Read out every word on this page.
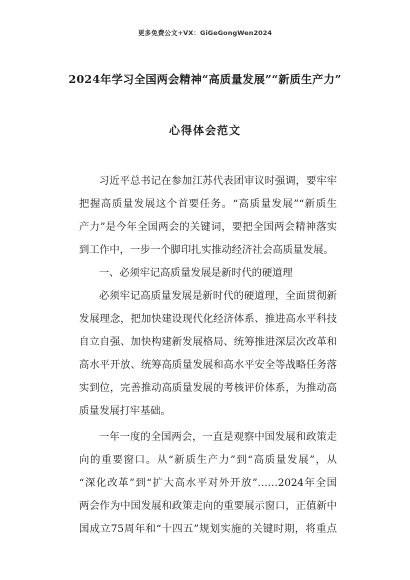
更多免费公文+VX：GiGeGongWen2024
2024年学习全国两会精神“高质量发展”“新质生产力”
心得体会范文
习近平总书记在参加江苏代表团审议时强调，要牢牢
把握高质量发展这个首要任务。“高质量发展”“新质生
产力”是今年全国两会的关键词，要把全国两会精神落实
到工作中，一步一个脚印扎实推动经济社会高质量发展。
一、必须牢记高质量发展是新时代的硬道理
必须牢记高质量发展是新时代的硬道理，全面贯彻新
发展理念，把加快建设现代化经济体系、推进高水平科技
自立自强、加快构建新发展格局、统筹推进深层次改革和
高水平开放、统筹高质量发展和高水平安全等战略任务落
实到位，完善推动高质量发展的考核评价体系，为推动高
质量发展打牢基础。
一年一度的全国两会，一直是观察中国发展和政策走
向的重要窗口。从“新质生产力”到“高质量发展”，从
“深化改革”到“扩大高水平对外开放”……2024年全国
两会作为中国发展和政策走向的重要展示窗口，正值新中
国成立75周年和“十四五”规划实施的关键时期，将重点
